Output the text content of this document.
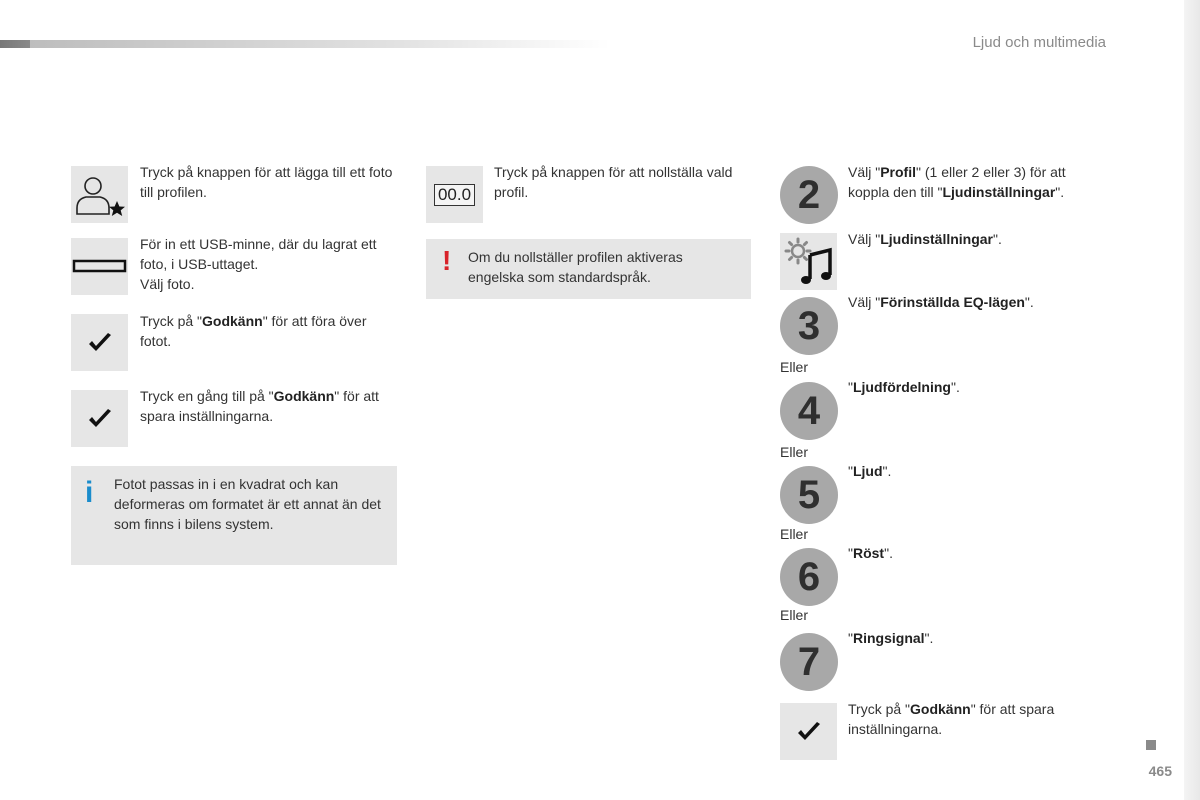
Ljud och multimedia
465
Tryck på knappen för att lägga till ett foto till profilen.
För in ett USB-minne, där du lagrat ett foto, i USB-uttaget.
Välj foto.
Tryck på "Godkänn" för att föra över fotot.
Tryck en gång till på "Godkänn" för att spara inställningarna.
i Fotot passas in i en kvadrat och kan deformeras om formatet är ett annat än det som finns i bilens system.
00.0
Tryck på knappen för att nollställa vald profil.
! Om du nollställer profilen aktiveras engelska som standardspråk.
2
Välj "Profil" (1 eller 2 eller 3) för att koppla den till "Ljudinställningar".
Välj "Ljudinställningar".
3
Välj "Förinställda EQ-lägen".
Eller
4
"Ljudfördelning".
Eller
5
"Ljud".
Eller
6
"Röst".
Eller
7
"Ringsignal".
Tryck på "Godkänn" för att spara inställningarna.
